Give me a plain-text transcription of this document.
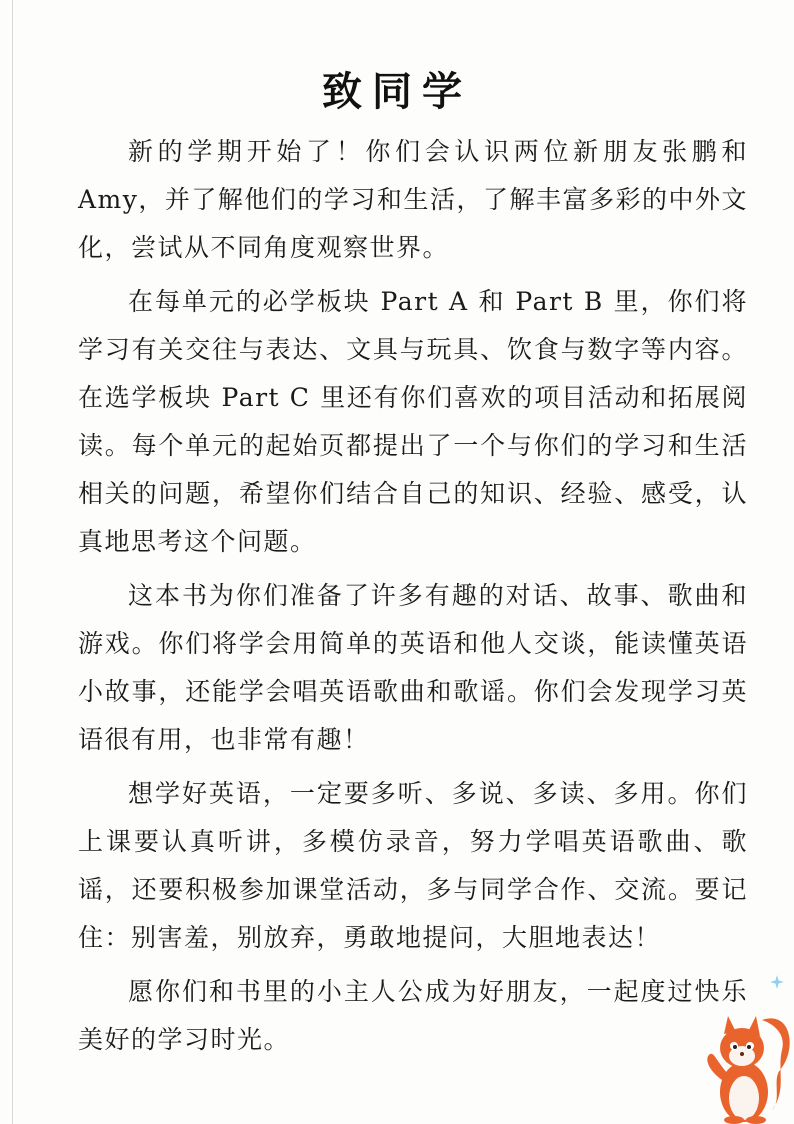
致同学

新的学期开始了！你们会认识两位新朋友张鹏和Amy，并了解他们的学习和生活，了解丰富多彩的中外文化，尝试从不同角度观察世界。

在每单元的必学板块 Part A 和 Part B 里，你们将学习有关交往与表达、文具与玩具、饮食与数字等内容。在选学板块 Part C 里还有你们喜欢的项目活动和拓展阅读。每个单元的起始页都提出了一个与你们的学习和生活相关的问题，希望你们结合自己的知识、经验、感受，认真地思考这个问题。

这本书为你们准备了许多有趣的对话、故事、歌曲和游戏。你们将学会用简单的英语和他人交谈，能读懂英语小故事，还能学会唱英语歌曲和歌谣。你们会发现学习英语很有用，也非常有趣！

想学好英语，一定要多听、多说、多读、多用。你们上课要认真听讲，多模仿录音，努力学唱英语歌曲、歌谣，还要积极参加课堂活动，多与同学合作、交流。要记住：别害羞，别放弃，勇敢地提问，大胆地表达！

愿你们和书里的小主人公成为好朋友，一起度过快乐美好的学习时光。
